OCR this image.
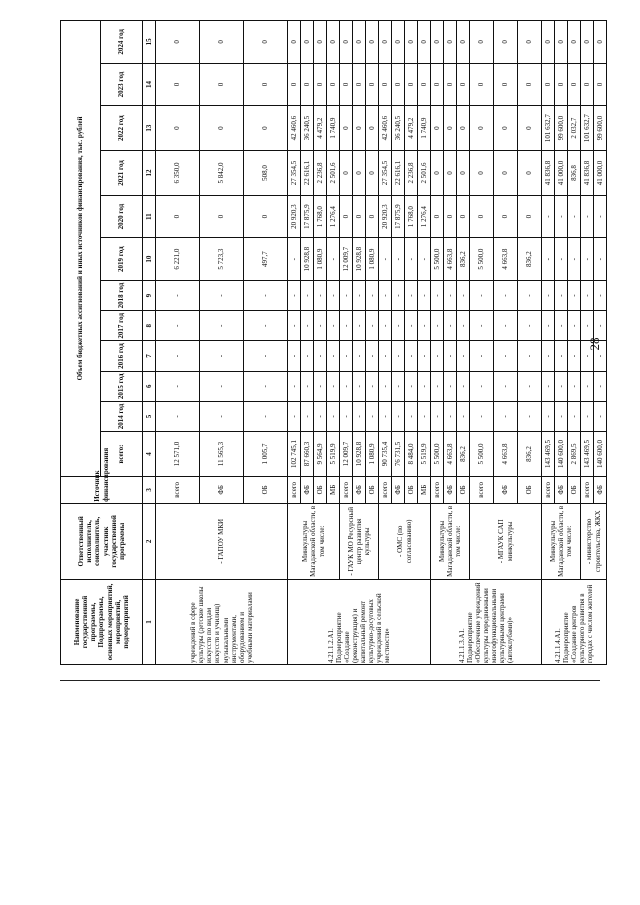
28
Наименование государственной программы, Подпрограммы, основных мероприятий, мероприятий, подмероприятий	Ответственный исполнитель, соисполнитель, участник государственной программы	Источник финансирования	Объем бюджетных ассигнований и иных источников финансирования, тыс. рублей											
			всего:	2014 год	2015 год	2016 год	2017 год	2018 год	2019 год	2020 год	2021 год	2022 год	2023 год	2024 год
1	2	3	4	5	6	7	8	9	10	11	12	13	14	15
учреждений в сфере культуры (детские школы искусств по видам искусств и училищ) музыкальными инструментами, оборудованием и учебными материалами	- ГАПОУ МКИ	всего	12 571,0	-	-	-	-	-	6 221,0	0	6 350,0	0	0	0
		ФБ	11 565,3	-	-	-	-	-	5 723,3	0	5 842,0	0	0	0
		ОБ	1 005,7	-	-	-	-	-	497,7	0	508,0	0	0	0
4.21.1.2.А1. Подмероприятие «Создание (реконструкция) и капитальный ремонт культурно-досуговых учреждений в сельской местности»	Минкультуры Магаданской области, в том числе:	всего	102 745,1	-	-	-	-	-	-	20 920,3	27 354,5	42 460,6	0	0
		ФБ	87 660,3	-	-	-	-	-	10 928,8	17 875,9	22 616,1	36 240,5	0	0
		ОБ	9 564,9	-	-	-	-	-	1 080,9	1 768,0	2 236,8	4 479,2	0	0
		МБ	5 519,9	-	-	-	-	-	-	1 276,4	2 501,6	1 740,9	0	0
	- ГАУК МО Ресурсный центр развития культуры	всего	12 009,7	-	-	-	-	-	12 009,7	0	0	0	0	0
		ФБ	10 928,8	-	-	-	-	-	10 928,8	0	0	0	0	0
		ОБ	1 080,9	-	-	-	-	-	1 080,9	0	0	0	0	0
	- ОМС (по согласованию)	всего	90 735,4	-	-	-	-	-	-	20 920,3	27 354,5	42 460,6	0	0
		ФБ	76 731,5	-	-	-	-	-	-	17 875,9	22 616,1	36 240,5	0	0
		ОБ	8 484,0	-	-	-	-	-	-	1 768,0	2 236,8	4 479,2	0	0
		МБ	5 519,9	-	-	-	-	-	-	1 276,4	2 501,6	1 740,9	0	0
4.21.1.3.А1. Подмероприятие «Обеспечение учреждений культуры передвижными многофункциональными культурными центрами (автоклубами)»	Минкультуры Магаданской области, в том числе:	всего	5 500,0	-	-	-	-	-	5 500,0	0	0	0	0	0
		ФБ	4 663,8	-	-	-	-	-	4 663,8	0	0	0	0	0
		ОБ	836,2	-	-	-	-	-	836,2	0	0	0	0	0
	- МГАУК САП минкультуры	всего	5 500,0	-	-	-	-	-	5 500,0	0	0	0	0	0
		ФБ	4 663,8	-	-	-	-	-	4 663,8	0	0	0	0	0
		ОБ	836,2	-	-	-	-	-	836,2	0	0	0	0	0
4.21.1.4.А1. Подмероприятие «Создание центров культурного развития в городах с числом жителей	Минкультуры Магаданской области, в том числе:	всего	143 469,5	-	-	-	-	-	-	-	41 836,8	101 632,7	0	0
		ФБ	140 600,0	-	-	-	-	-	-	-	41 000,0	99 600,0	0	0
		ОБ	2 869,5	-	-	-	-	-	-	-	836,8	2 032,7	0	0
	- министерство строительства, ЖКХ	всего	143 469,5	-	-	-	-	-	-	-	41 836,8	101 632,7	0	0
		ФБ	140 600,0	-	-	-	-	-	-	-	41 000,0	99 600,0	0	0
